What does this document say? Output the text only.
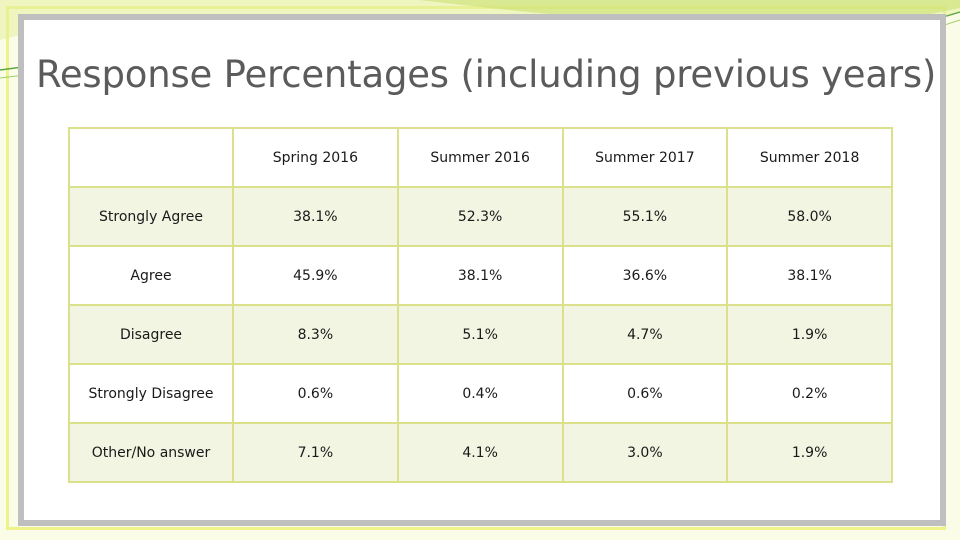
Response Percentages (including previous years)
	Spring 2016	Summer 2016	Summer 2017	Summer 2018
Strongly Agree	38.1%	52.3%	55.1%	58.0%
Agree	45.9%	38.1%	36.6%	38.1%
Disagree	8.3%	5.1%	4.7%	1.9%
Strongly Disagree	0.6%	0.4%	0.6%	0.2%
Other/No answer	7.1%	4.1%	3.0%	1.9%
